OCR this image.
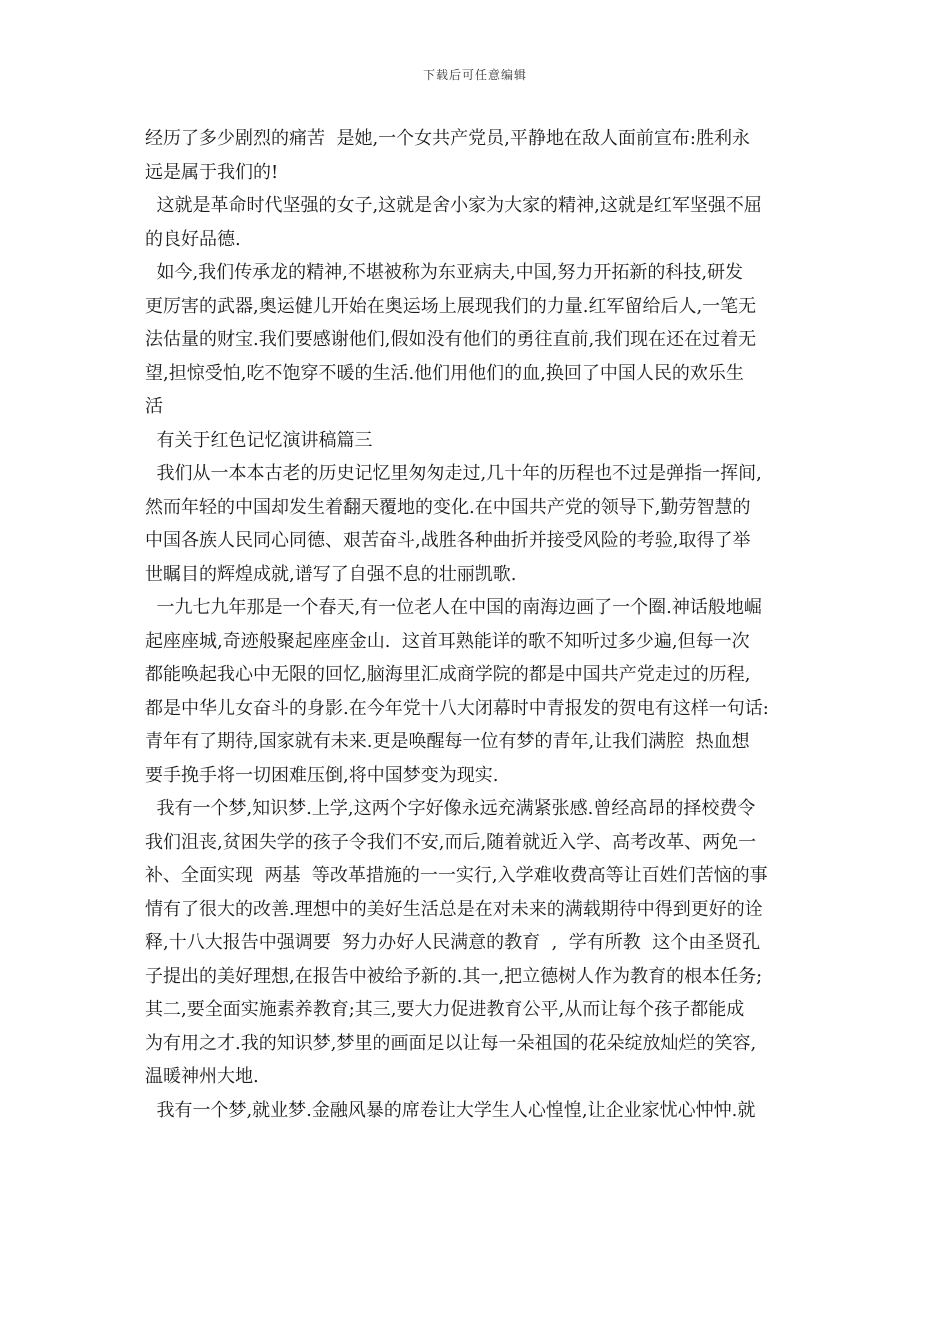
下载后可任意编辑
经历了多少剧烈的痛苦  是她,一个女共产党员,平静地在敌人面前宣布:胜利永
远是属于我们的!
这就是革命时代坚强的女子,这就是舍小家为大家的精神,这就是红军坚强不屈
的良好品德.
如今,我们传承龙的精神,不堪被称为东亚病夫,中国,努力开拓新的科技,研发
更厉害的武器,奥运健儿开始在奥运场上展现我们的力量.红军留给后人,一笔无
法估量的财宝.我们要感谢他们,假如没有他们的勇往直前,我们现在还在过着无
望,担惊受怕,吃不饱穿不暖的生活.他们用他们的血,换回了中国人民的欢乐生
活
有关于红色记忆演讲稿篇三
我们从一本本古老的历史记忆里匆匆走过,几十年的历程也不过是弹指一挥间,
然而年轻的中国却发生着翻天覆地的变化.在中国共产党的领导下,勤劳智慧的
中国各族人民同心同德、艰苦奋斗,战胜各种曲折并接受风险的考验,取得了举
世瞩目的辉煌成就,谱写了自强不息的壮丽凯歌.
一九七九年那是一个春天,有一位老人在中国的南海边画了一个圈.神话般地崛
起座座城,奇迹般聚起座座金山.  这首耳熟能详的歌不知听过多少遍,但每一次
都能唤起我心中无限的回忆,脑海里汇成商学院的都是中国共产党走过的历程,
都是中华儿女奋斗的身影.在今年党十八大闭幕时中青报发的贺电有这样一句话:
青年有了期待,国家就有未来.更是唤醒每一位有梦的青年,让我们满腔  热血想
要手挽手将一切困难压倒,将中国梦变为现实.
我有一个梦,知识梦.上学,这两个字好像永远充满紧张感.曾经高昂的择校费令
我们沮丧,贫困失学的孩子令我们不安,而后,随着就近入学、高考改革、两免一
补、全面实现  两基  等改革措施的一一实行,入学难收费高等让百姓们苦恼的事
情有了很大的改善.理想中的美好生活总是在对未来的满载期待中得到更好的诠
释,十八大报告中强调要  努力办好人民满意的教育  ,  学有所教  这个由圣贤孔
子提出的美好理想,在报告中被给予新的.其一,把立德树人作为教育的根本任务;
其二,要全面实施素养教育;其三,要大力促进教育公平,从而让每个孩子都能成
为有用之才.我的知识梦,梦里的画面足以让每一朵祖国的花朵绽放灿烂的笑容,
温暖神州大地.
我有一个梦,就业梦.金融风暴的席卷让大学生人心惶惶,让企业家忧心忡忡.就
